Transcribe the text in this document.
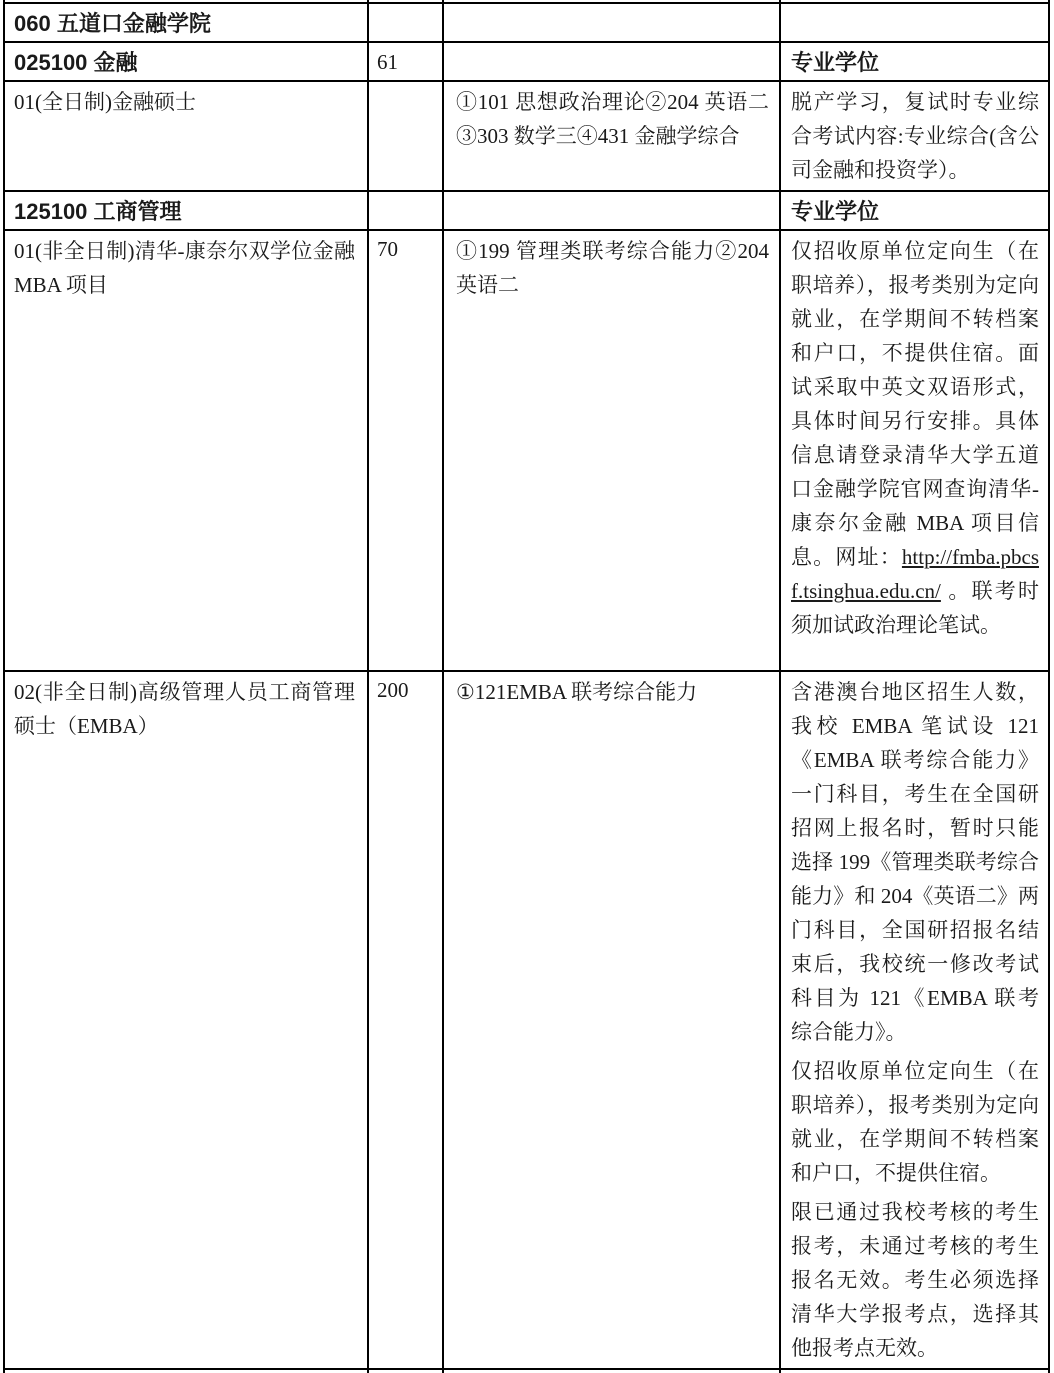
060 五道口金融学院			
025100 金融	61		专业学位
01(全日制)金融硕士		①101 思想政治理论②204 英语二③303 数学三④431 金融学综合	脱产学习，复试时专业综合考试内容:专业综合(含公司金融和投资学）。
125100 工商管理			专业学位
01(非全日制)清华-康奈尔双学位金融 MBA 项目	70	①199 管理类联考综合能力②204 英语二	仅招收原单位定向生（在职培养），报考类别为定向就业，在学期间不转档案和户口，不提供住宿。面试采取中英文双语形式，具体时间另行安排。具体信息请登录清华大学五道口金融学院官网查询清华-康奈尔金融 MBA 项目信息。网址：http://fmba.pbcsf.tsinghua.edu.cn/ 。联考时须加试政治理论笔试。

02(非全日制)高级管理人员工商管理硕士（EMBA）	200	①121EMBA 联考综合能力	含港澳台地区招生人数，我校 EMBA 笔试设 121《EMBA 联考综合能力》一门科目，考生在全国研招网上报名时，暂时只能选择 199《管理类联考综合能力》和 204《英语二》两门科目，全国研招报名结束后，我校统一修改考试科目为 121《EMBA 联考综合能力》。

仅招收原单位定向生（在职培养），报考类别为定向就业，在学期间不转档案和户口，不提供住宿。

限已通过我校考核的考生报考，未通过考核的考生报名无效。考生必须选择清华大学报考点，选择其他报考点无效。
